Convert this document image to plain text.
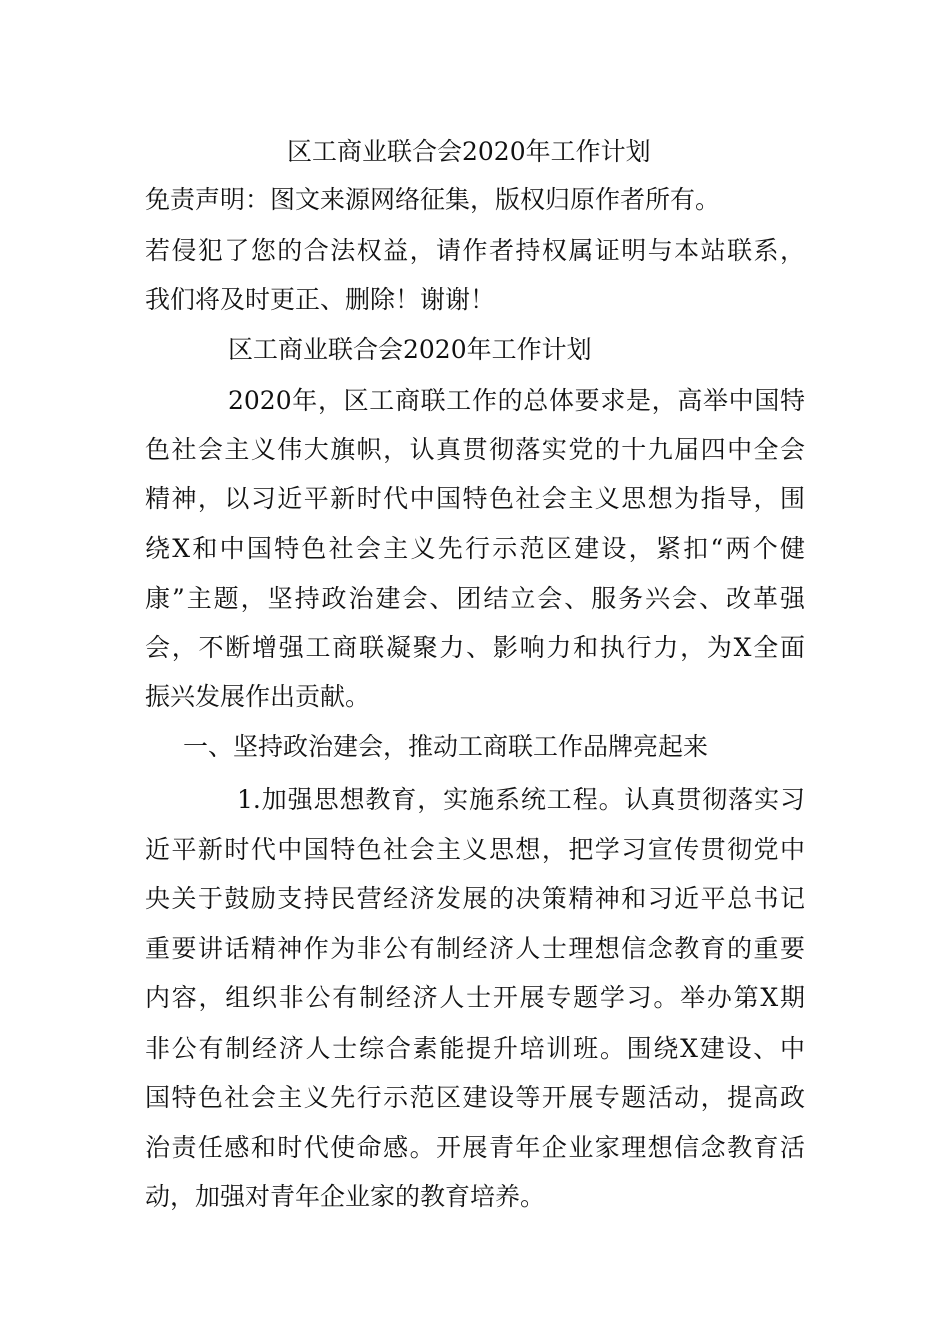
区工商业联合会2020年工作计划
免责声明：图文来源网络征集，版权归原作者所有。
若侵犯了您的合法权益，请作者持权属证明与本站联系，
我们将及时更正、删除！谢谢！
区工商业联合会2020年工作计划
2020年，区工商联工作的总体要求是，高举中国特
色社会主义伟大旗帜，认真贯彻落实党的十九届四中全会
精神，以习近平新时代中国特色社会主义思想为指导，围
绕X和中国特色社会主义先行示范区建设，紧扣“两个健
康”主题，坚持政治建会、团结立会、服务兴会、改革强
会，不断增强工商联凝聚力、影响力和执行力，为X全面
振兴发展作出贡献。
一、坚持政治建会，推动工商联工作品牌亮起来
1.加强思想教育，实施系统工程。认真贯彻落实习
近平新时代中国特色社会主义思想，把学习宣传贯彻党中
央关于鼓励支持民营经济发展的决策精神和习近平总书记
重要讲话精神作为非公有制经济人士理想信念教育的重要
内容，组织非公有制经济人士开展专题学习。举办第X期
非公有制经济人士综合素能提升培训班。围绕X建设、中
国特色社会主义先行示范区建设等开展专题活动，提高政
治责任感和时代使命感。开展青年企业家理想信念教育活
动，加强对青年企业家的教育培养。
